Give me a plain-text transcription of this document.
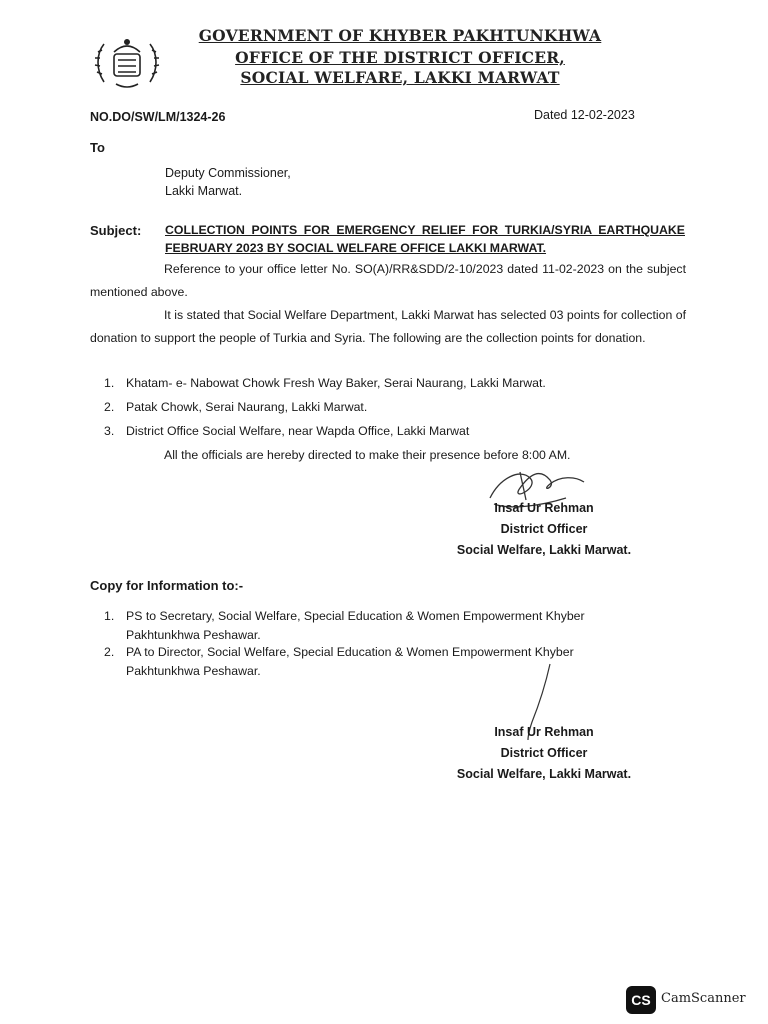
GOVERNMENT OF KHYBER PAKHTUNKHWA
OFFICE OF THE DISTRICT OFFICER,
SOCIAL WELFARE, LAKKI MARWAT
NO.DO/SW/LM/1324-26	Dated 12-02-2023
To
Deputy Commissioner,
Lakki Marwat.
Subject: COLLECTION POINTS FOR EMERGENCY RELIEF FOR TURKIA/SYRIA EARTHQUAKE FEBRUARY 2023 BY SOCIAL WELFARE OFFICE LAKKI MARWAT.
Reference to your office letter No. SO(A)/RR&SDD/2-10/2023 dated 11-02-2023 on the subject mentioned above.
It is stated that Social Welfare Department, Lakki Marwat has selected 03 points for collection of donation to support the people of Turkia and Syria. The following are the collection points for donation.
1. Khatam- e- Nabowat Chowk Fresh Way Baker, Serai Naurang, Lakki Marwat.
2. Patak Chowk, Serai Naurang, Lakki Marwat.
3. District Office Social Welfare, near Wapda Office, Lakki Marwat
All the officials are hereby directed to make their presence before 8:00 AM.
Insaf Ur Rehman
District Officer
Social Welfare, Lakki Marwat.
Copy for Information to:-
1. PS to Secretary, Social Welfare, Special Education & Women Empowerment Khyber
Pakhtunkhwa Peshawar.
2. PA to Director, Social Welfare, Special Education & Women Empowerment Khyber
Pakhtunkhwa Peshawar.
Insaf Ur Rehman
District Officer
Social Welfare, Lakki Marwat.
CS CamScanner
